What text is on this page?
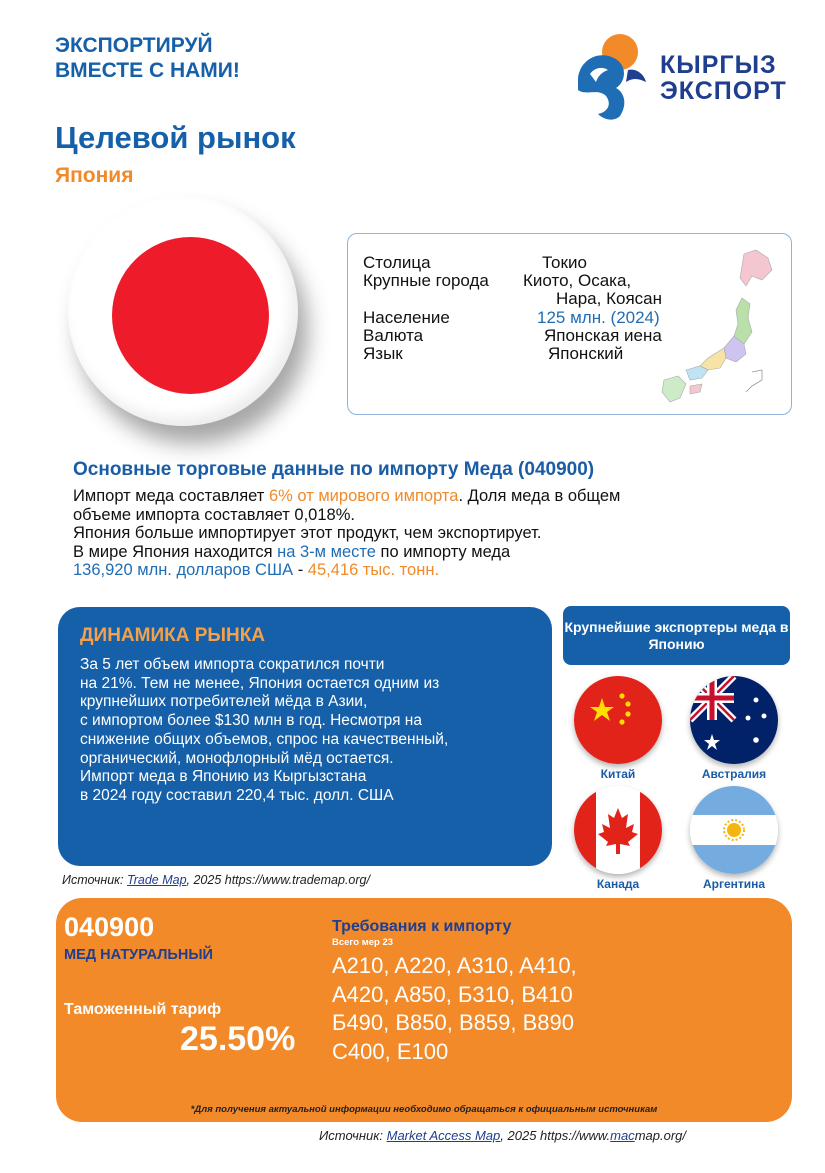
ЭКСПОРТИРУЙ
ВМЕСТЕ С НАМИ!	КЫРГЫЗ
ЭКСПОРТ
Целевой рынок
Япония
Столица	Токио
Крупные города Киото, Осака,
Нара, Коясан
Население	125 млн. (2024)
Валюта	Японская иена
Язык	Японский
Основные торговые данные по импорту Меда (040900)
Импорт меда составляет 6% от мирового импорта. Доля меда в общем
объеме импорта составляет 0,018%.
Япония больше импортирует этот продукт, чем экспортирует.
В мире Япония находится на 3-м месте по импорту меда
136,920 млн. долларов США - 45,416 тыс. тонн.
ДИНАМИКА РЫНКА
За 5 лет объем импорта сократился почти
на 21%. Тем не менее, Япония остается одним из
крупнейших потребителей мёда в Азии,
с импортом более $130 млн в год. Несмотря на
снижение общих объемов, спрос на качественный,
органический, монофлорный мёд остается.
Импорт меда в Японию из Кыргызстана
в 2024 году составил 220,4 тыс. долл. США
Крупнейшие экспортеры меда в Японию
Китай	Австралия
Канада	Аргентина
Источник: Trade Map, 2025 https://www.trademap.org/
040900
МЕД НАТУРАЛЬНЫЙ
Таможенный тариф
25.50%
Требования к импорту
Всего мер 23
A210, A220, A310, A410,
A420, A850, Б310, B410
Б490, B850, B859, B890
C400, E100
*Для получения актуальной информации необходимо обращаться к официальным источникам
Источник: Market Access Map, 2025 https://www.macmap.org/
